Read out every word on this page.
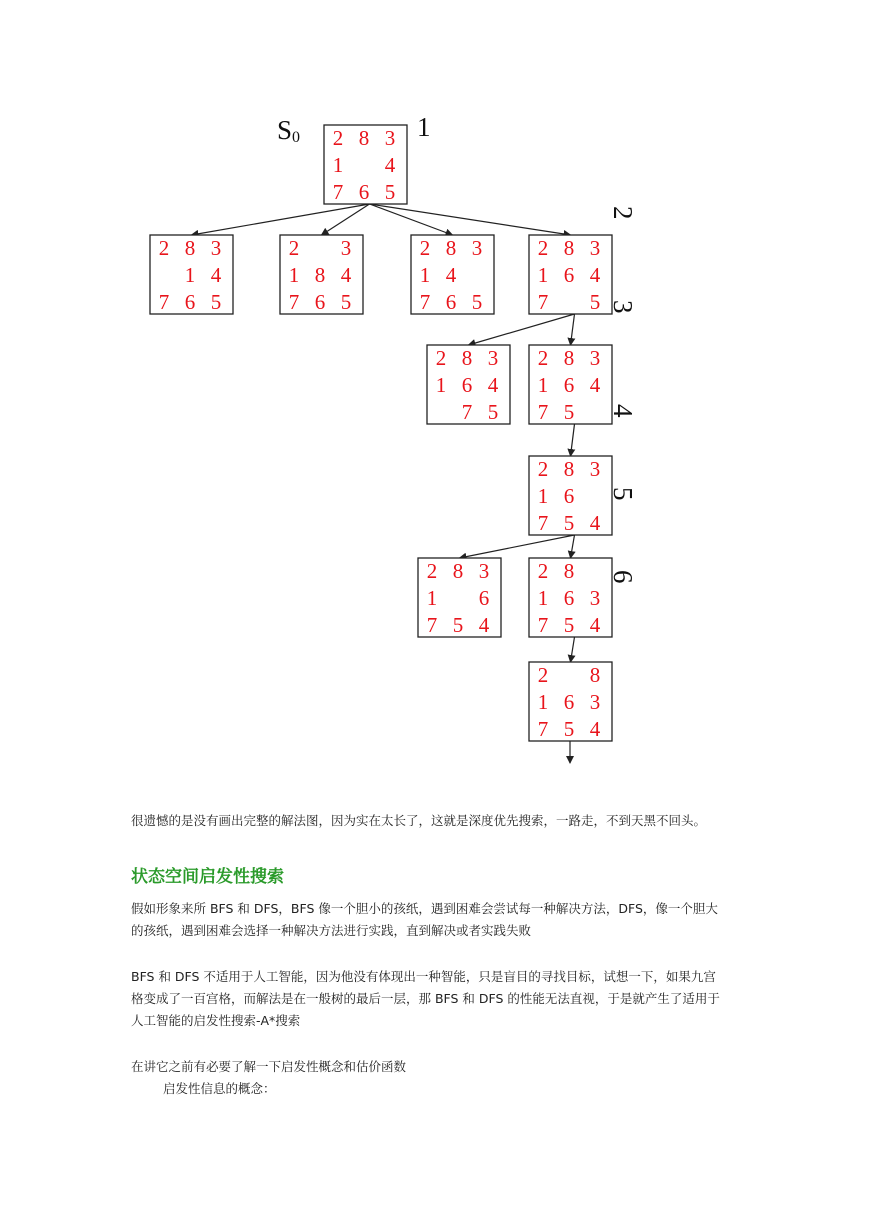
2 8 3
1 4
7 6 5
2 8 3
1 4
7 6 5
2 3
1 8 4
7 6 5
2 8 3
1 4
7 6 5
2 8 3
1 6 4
7 5
2 8 3
1 6 4
7 5
2 8 3
1 6 4
7 5
2 8 3
1 6
7 5 4
2 8 3
1 6
7 5 4
2 8
1 6 3
7 5 4
2 8
1 6 3
7 5 4
S0	1
2
3
4
5
6

很遗憾的是没有画出完整的解法图，因为实在太长了，这就是深度优先搜索，一路走，不到天黑不回头。

状态空间启发性搜索

假如形象来所 BFS 和 DFS，BFS 像一个胆小的孩纸，遇到困难会尝试每一种解决方法，DFS，像一个胆大

的孩纸，遇到困难会选择一种解决方法进行实践，直到解决或者实践失败

BFS 和 DFS 不适用于人工智能，因为他没有体现出一种智能，只是盲目的寻找目标，试想一下，如果九宫

格变成了一百宫格，而解法是在一般树的最后一层，那 BFS 和 DFS 的性能无法直视，于是就产生了适用于

人工智能的启发性搜索-A*搜索

在讲它之前有必要了解一下启发性概念和估价函数

启发性信息的概念：
